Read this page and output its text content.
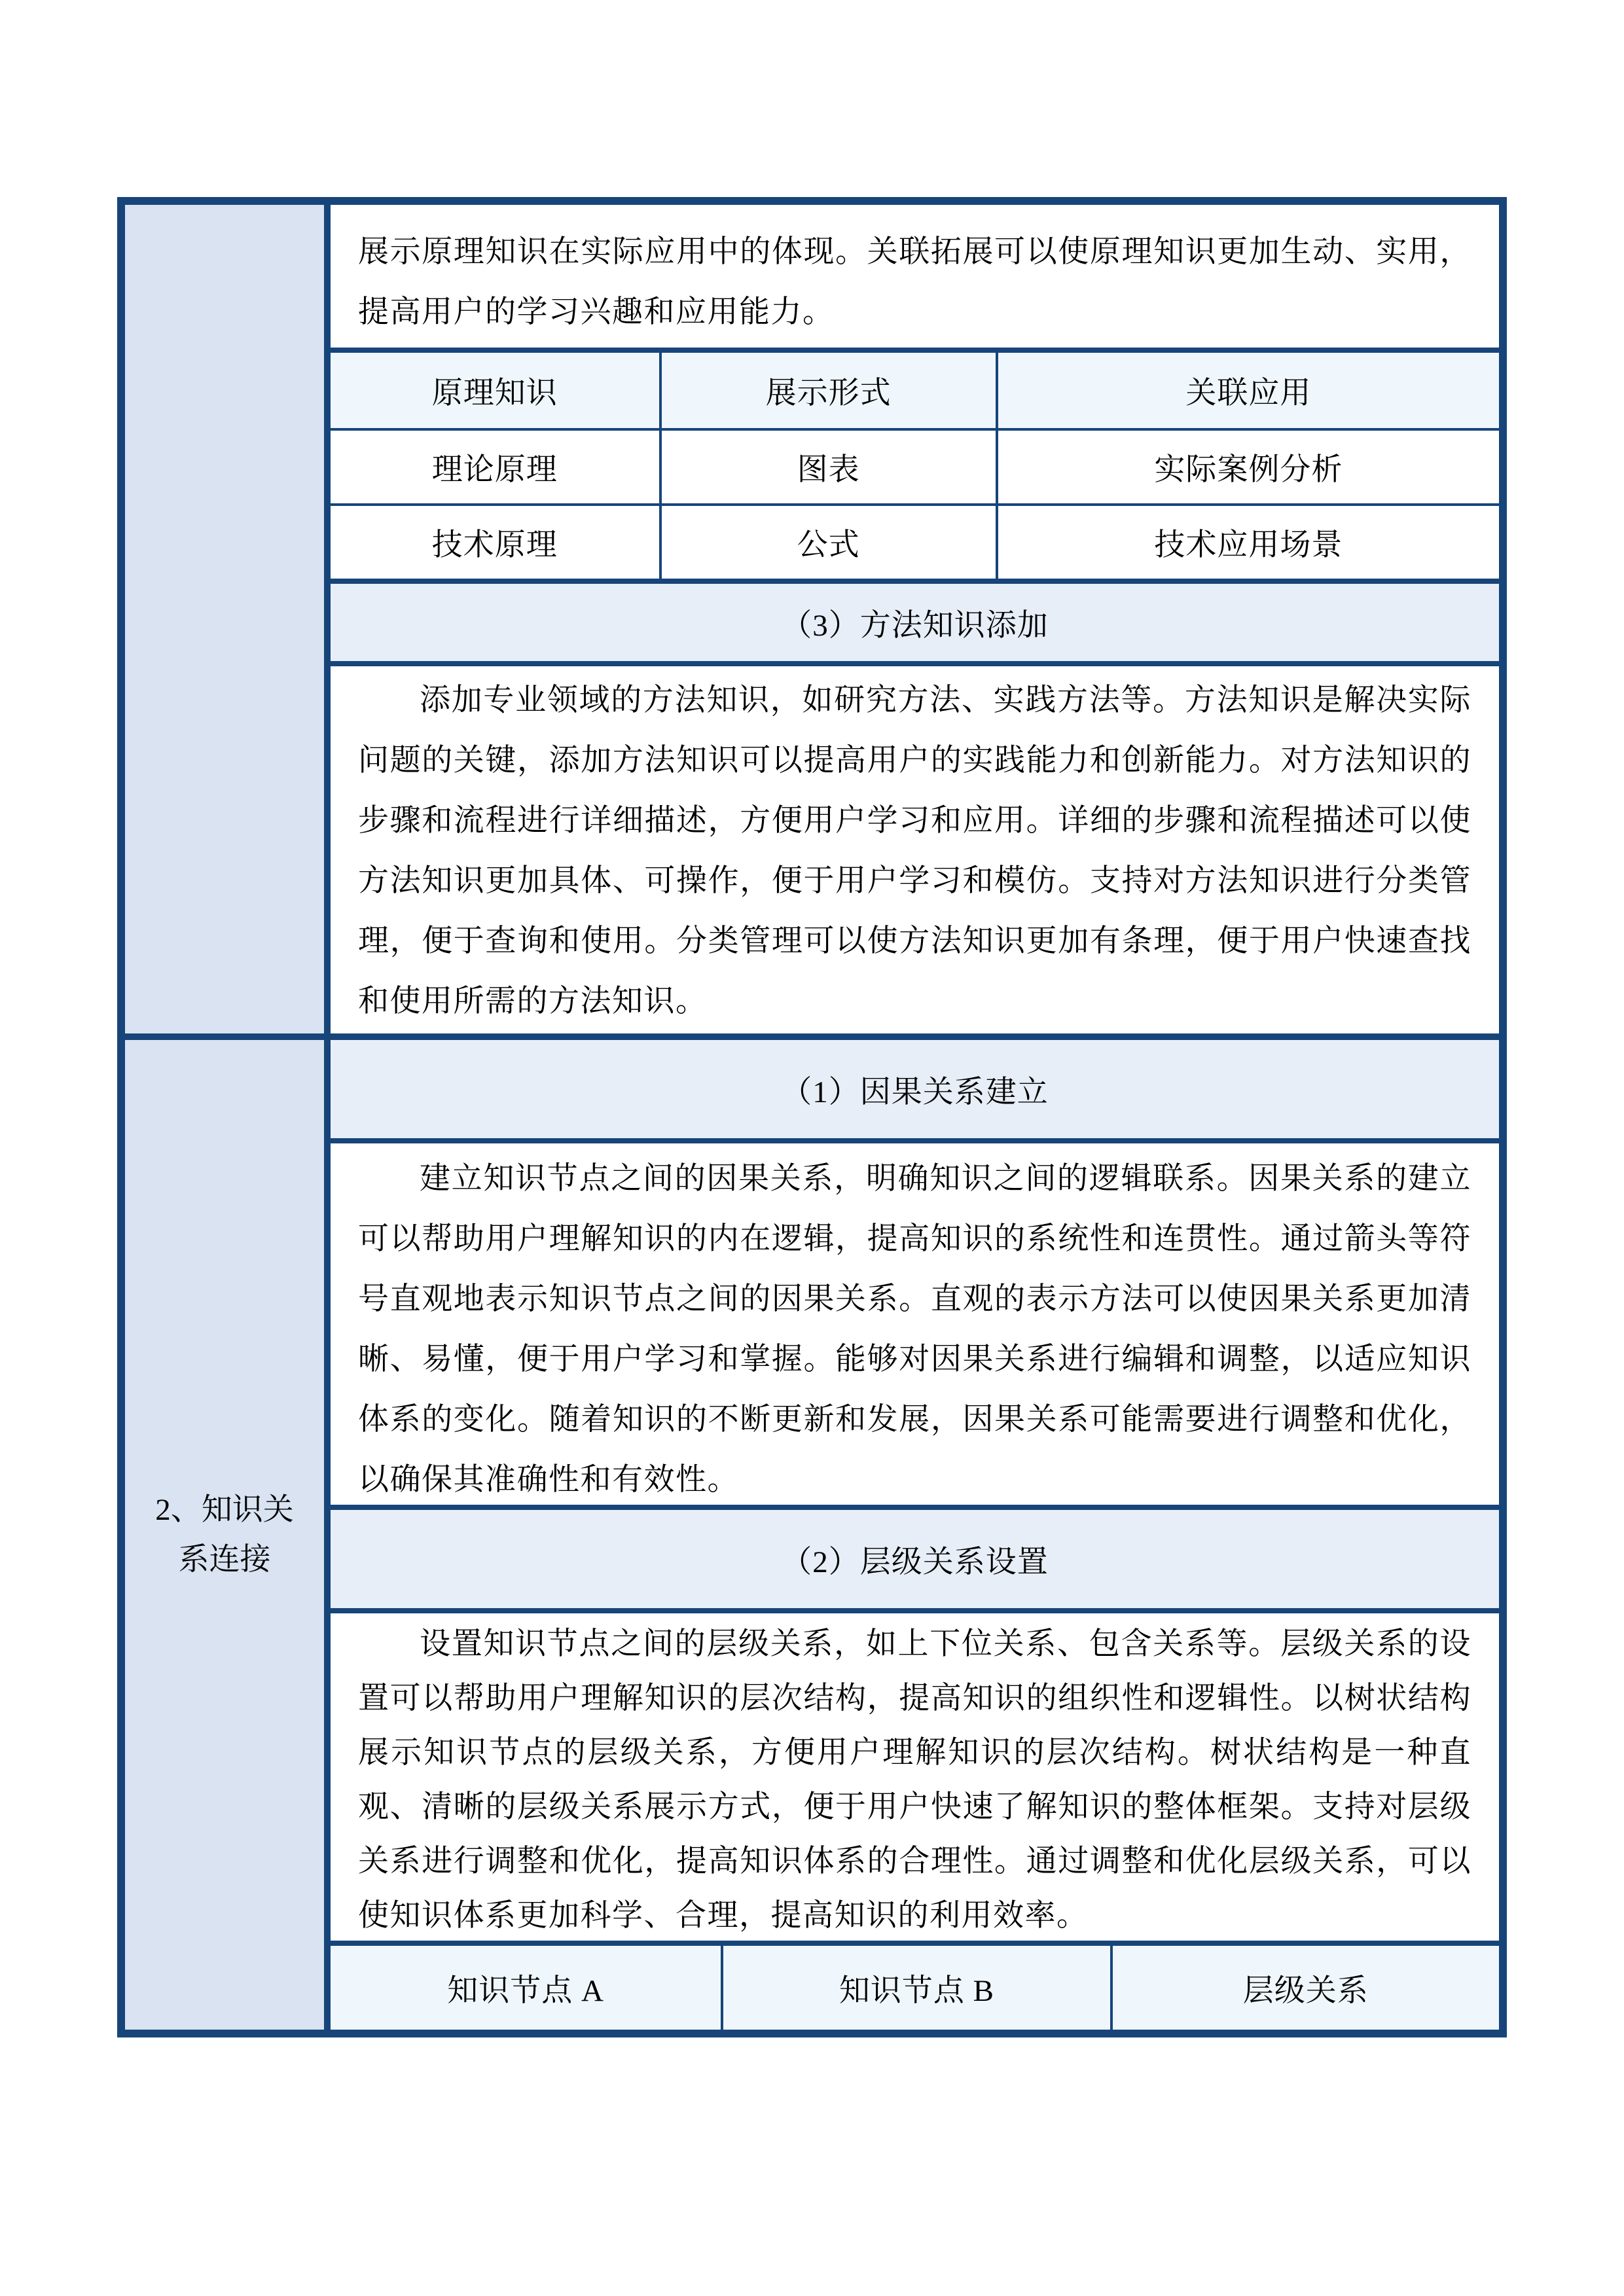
展示原理知识在实际应用中的体现。关联拓展可以使原理知识更加生动、实用，提高用户的学习兴趣和应用能力。
原理知识	展示形式	关联应用
理论原理	图表	实际案例分析
技术原理	公式	技术应用场景
（3）方法知识添加
添加专业领域的方法知识，如研究方法、实践方法等。方法知识是解决实际问题的关键，添加方法知识可以提高用户的实践能力和创新能力。对方法知识的步骤和流程进行详细描述，方便用户学习和应用。详细的步骤和流程描述可以使方法知识更加具体、可操作，便于用户学习和模仿。支持对方法知识进行分类管理，便于查询和使用。分类管理可以使方法知识更加有条理，便于用户快速查找和使用所需的方法知识。
2、知识关系连接
（1）因果关系建立
建立知识节点之间的因果关系，明确知识之间的逻辑联系。因果关系的建立可以帮助用户理解知识的内在逻辑，提高知识的系统性和连贯性。通过箭头等符号直观地表示知识节点之间的因果关系。直观的表示方法可以使因果关系更加清晰、易懂，便于用户学习和掌握。能够对因果关系进行编辑和调整，以适应知识体系的变化。随着知识的不断更新和发展，因果关系可能需要进行调整和优化，以确保其准确性和有效性。
（2）层级关系设置
设置知识节点之间的层级关系，如上下位关系、包含关系等。层级关系的设置可以帮助用户理解知识的层次结构，提高知识的组织性和逻辑性。以树状结构展示知识节点的层级关系，方便用户理解知识的层次结构。树状结构是一种直观、清晰的层级关系展示方式，便于用户快速了解知识的整体框架。支持对层级关系进行调整和优化，提高知识体系的合理性。通过调整和优化层级关系，可以使知识体系更加科学、合理，提高知识的利用效率。
知识节点 A	知识节点 B	层级关系
